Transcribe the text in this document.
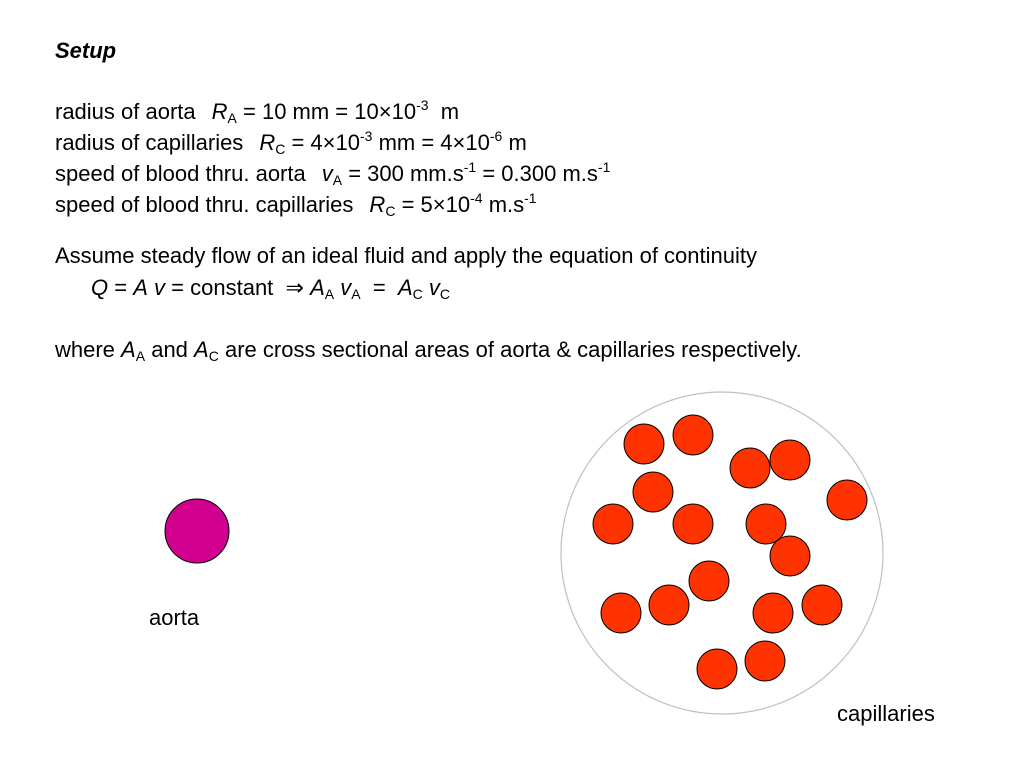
Setup
radius of aorta $R_A = 10$ mm = $10\times 10^{-3}$ m
radius of capillaries $R_C = 4\times 10^{-3}$ mm = $4\times 10^{-6}$ m
speed of blood thru. aorta $v_A = 300$ $mm.s^{-1} = 0.300$ $m.s^{-1}$
speed of blood thru. capillaries $R_C = 5\times 10^{-4}$ $m.s^{-1}$
Assume steady flow of an ideal fluid and apply the equation of continuity
Q = A v = constant ⇒ $A_A$ $v_A = A_C$ $v_C$
where $A_A$ and $A_C$ are cross sectional areas of aorta & capillaries respectively.
aorta
capillaries
